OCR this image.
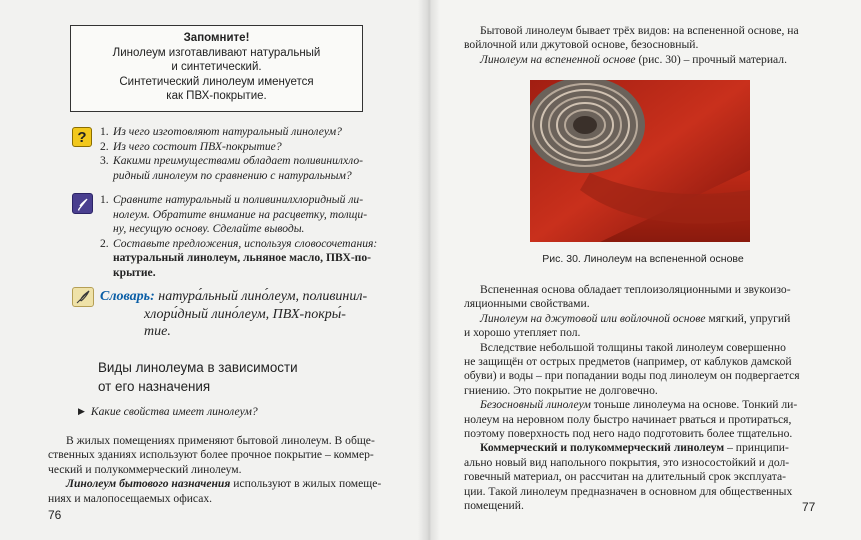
Запомните!
Линолеум изготавливают натуральный
и синтетический.
Синтетический линолеум именуется
как ПВХ-покрытие.
?	1. Из чего изготовляют натуральный линолеум?
2. Из чего состоит ПВХ-покрытие?
3. Какими преимуществами обладает поливинилхло-
ридный линолеум по сравнению с натуральным?
1. Сравните натуральный и поливинилхлоридный ли-
нолеум. Обратите внимание на расцветку, толщи-
ну, несущую основу. Сделайте выводы.
2. Составьте предложения, используя словосочетания:
натуральный линолеум, льняное масло, ПВХ-по-
крытие.
Словарь: натура́льный лино́леум, поливинил-
хлори́дный лино́леум, ПВХ-покры́-
тие.
Виды линолеума в зависимости
от его назначения
▶ Какие свойства имеет линолеум?
В жилых помещениях применяют бытовой линолеум. В обще-
ственных зданиях используют более прочное покрытие – коммер-
ческий и полукоммерческий линолеум.
Линолеум бытового назначения используют в жилых помеще-
ниях и малопосещаемых офисах.
76
Бытовой линолеум бывает трёх видов: на вспененной основе, на
войлочной или джутовой основе, безосновный.
Линолеум на вспененной основе (рис. 30) – прочный материал.
Рис. 30. Линолеум на вспененной основе
Вспененная основа обладает теплоизоляционными и звукоизо-
ляционными свойствами.
Линолеум на джутовой или войлочной основе мягкий, упругий
и хорошо утепляет пол.
Вследствие небольшой толщины такой линолеум совершенно
не защищён от острых предметов (например, от каблуков дамской
обуви) и воды – при попадании воды под линолеум он подвергается
гниению. Это покрытие не долговечно.
Безосновный линолеум тоньше линолеума на основе. Тонкий ли-
нолеум на неровном полу быстро начинает рваться и протираться,
поэтому поверхность под него надо подготовить более тщательно.
Коммерческий и полукоммерческий линолеум – принципи-
ально новый вид напольного покрытия, это износостойкий и дол-
говечный материал, он рассчитан на длительный срок эксплуата-
ции. Такой линолеум предназначен в основном для общественных
помещений.	77
